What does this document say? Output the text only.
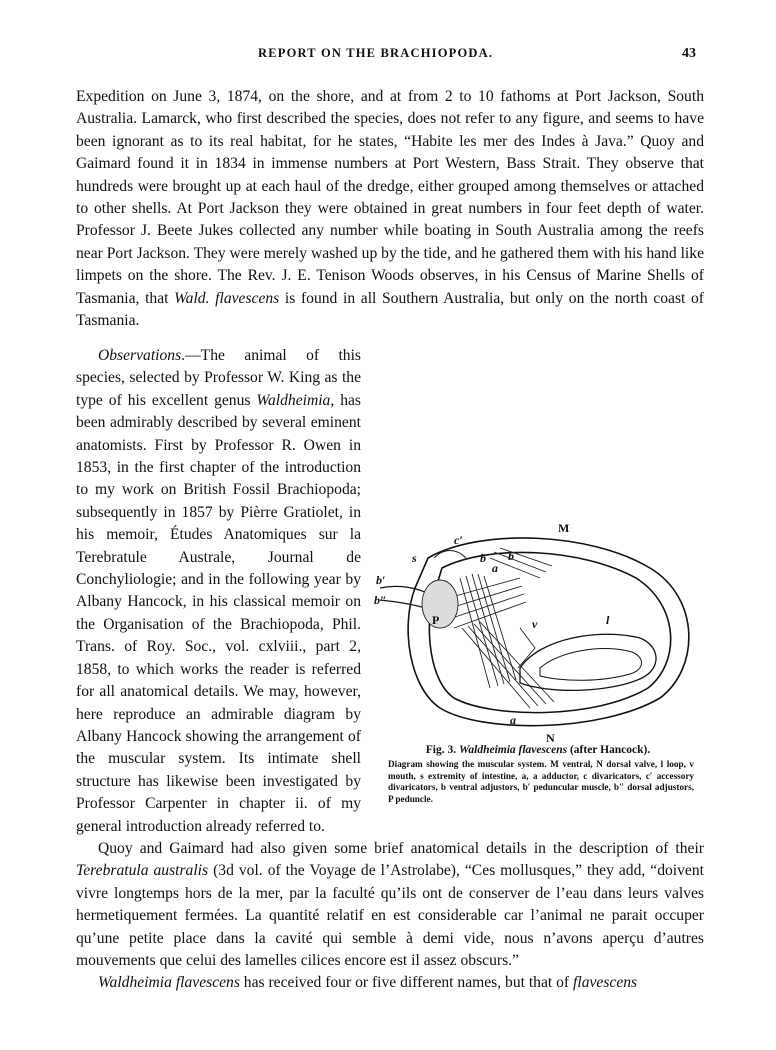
REPORT ON THE BRACHIOPODA.	43

Expedition on June 3, 1874, on the shore, and at from 2 to 10 fathoms at Port Jackson, South Australia. Lamarck, who first described the species, does not refer to any figure, and seems to have been ignorant as to its real habitat, for he states, “Habite les mer des Indes à Java.” Quoy and Gaimard found it in 1834 in immense numbers at Port Western, Bass Strait. They observe that hundreds were brought up at each haul of the dredge, either grouped among themselves or attached to other shells. At Port Jackson they were obtained in great numbers in four feet depth of water. Professor J. Beete Jukes collected any number while boating in South Australia among the reefs near Port Jackson. They were merely washed up by the tide, and he gathered them with his hand like limpets on the shore. The Rev. J. E. Tenison Woods observes, in his Census of Marine Shells of Tasmania, that Wald. flavescens is found in all Southern Australia, but only on the north coast of Tasmania.

Observations.—The animal of this species, selected by Professor W. King as the type of his excellent genus Waldheimia, has been admirably described by several eminent anatomists. First by Professor R. Owen in 1853, in the first chapter of the introduction to my work on British Fossil Brachiopoda; subsequently in 1857 by Pièrre Gratiolet, in his memoir, Études Anatomiques sur la Terebratule Australe, Journal de Conchyliologie; and in the following year by Albany Hancock, in his classical memoir on the Organisation of the Brachiopoda, Phil. Trans. of Roy. Soc., vol. cxlviii., part 2, 1858, to which works the reader is referred for all anatomical details. We may, however, here reproduce an admirable diagram by Albany Hancock showing the arrangement of the muscular system. Its intimate shell structure has likewise been investigated by Professor Carpenter in chapter ii. of my general introduction already referred to.

Quoy and Gaimard had also given some brief anatomical details in the description of their Terebratula australis (3d vol. of the Voyage de l’Astrolabe), “Ces mollusques,” they add, “doivent vivre longtemps hors de la mer, par la faculté qu’ils ont de conserver de l’eau dans leurs valves hermetiquement fermées. La quantité relatif en est considerable car l’animal ne parait occuper qu’une petite place dans la cavité qui semble à demi vide, nous n’avons aperçu d’autres mouvements que celui des lamelles cilices encore est il assez obscurs.”

Waldheimia flavescens has received four or five different names, but that of flavescens

M
N
P
s
c′
b b
a
b′
b″
l
v
a

Fig. 3. Waldheimia flavescens (after Hancock).

Diagram showing the muscular system. M ventral, N dorsal valve, l loop, v mouth, s extremity of intestine, a, a adductor, c divaricators, c′ accessory divaricators, b ventral adjustors, b′ peduncular muscle, b″ dorsal adjustors, P peduncle.
